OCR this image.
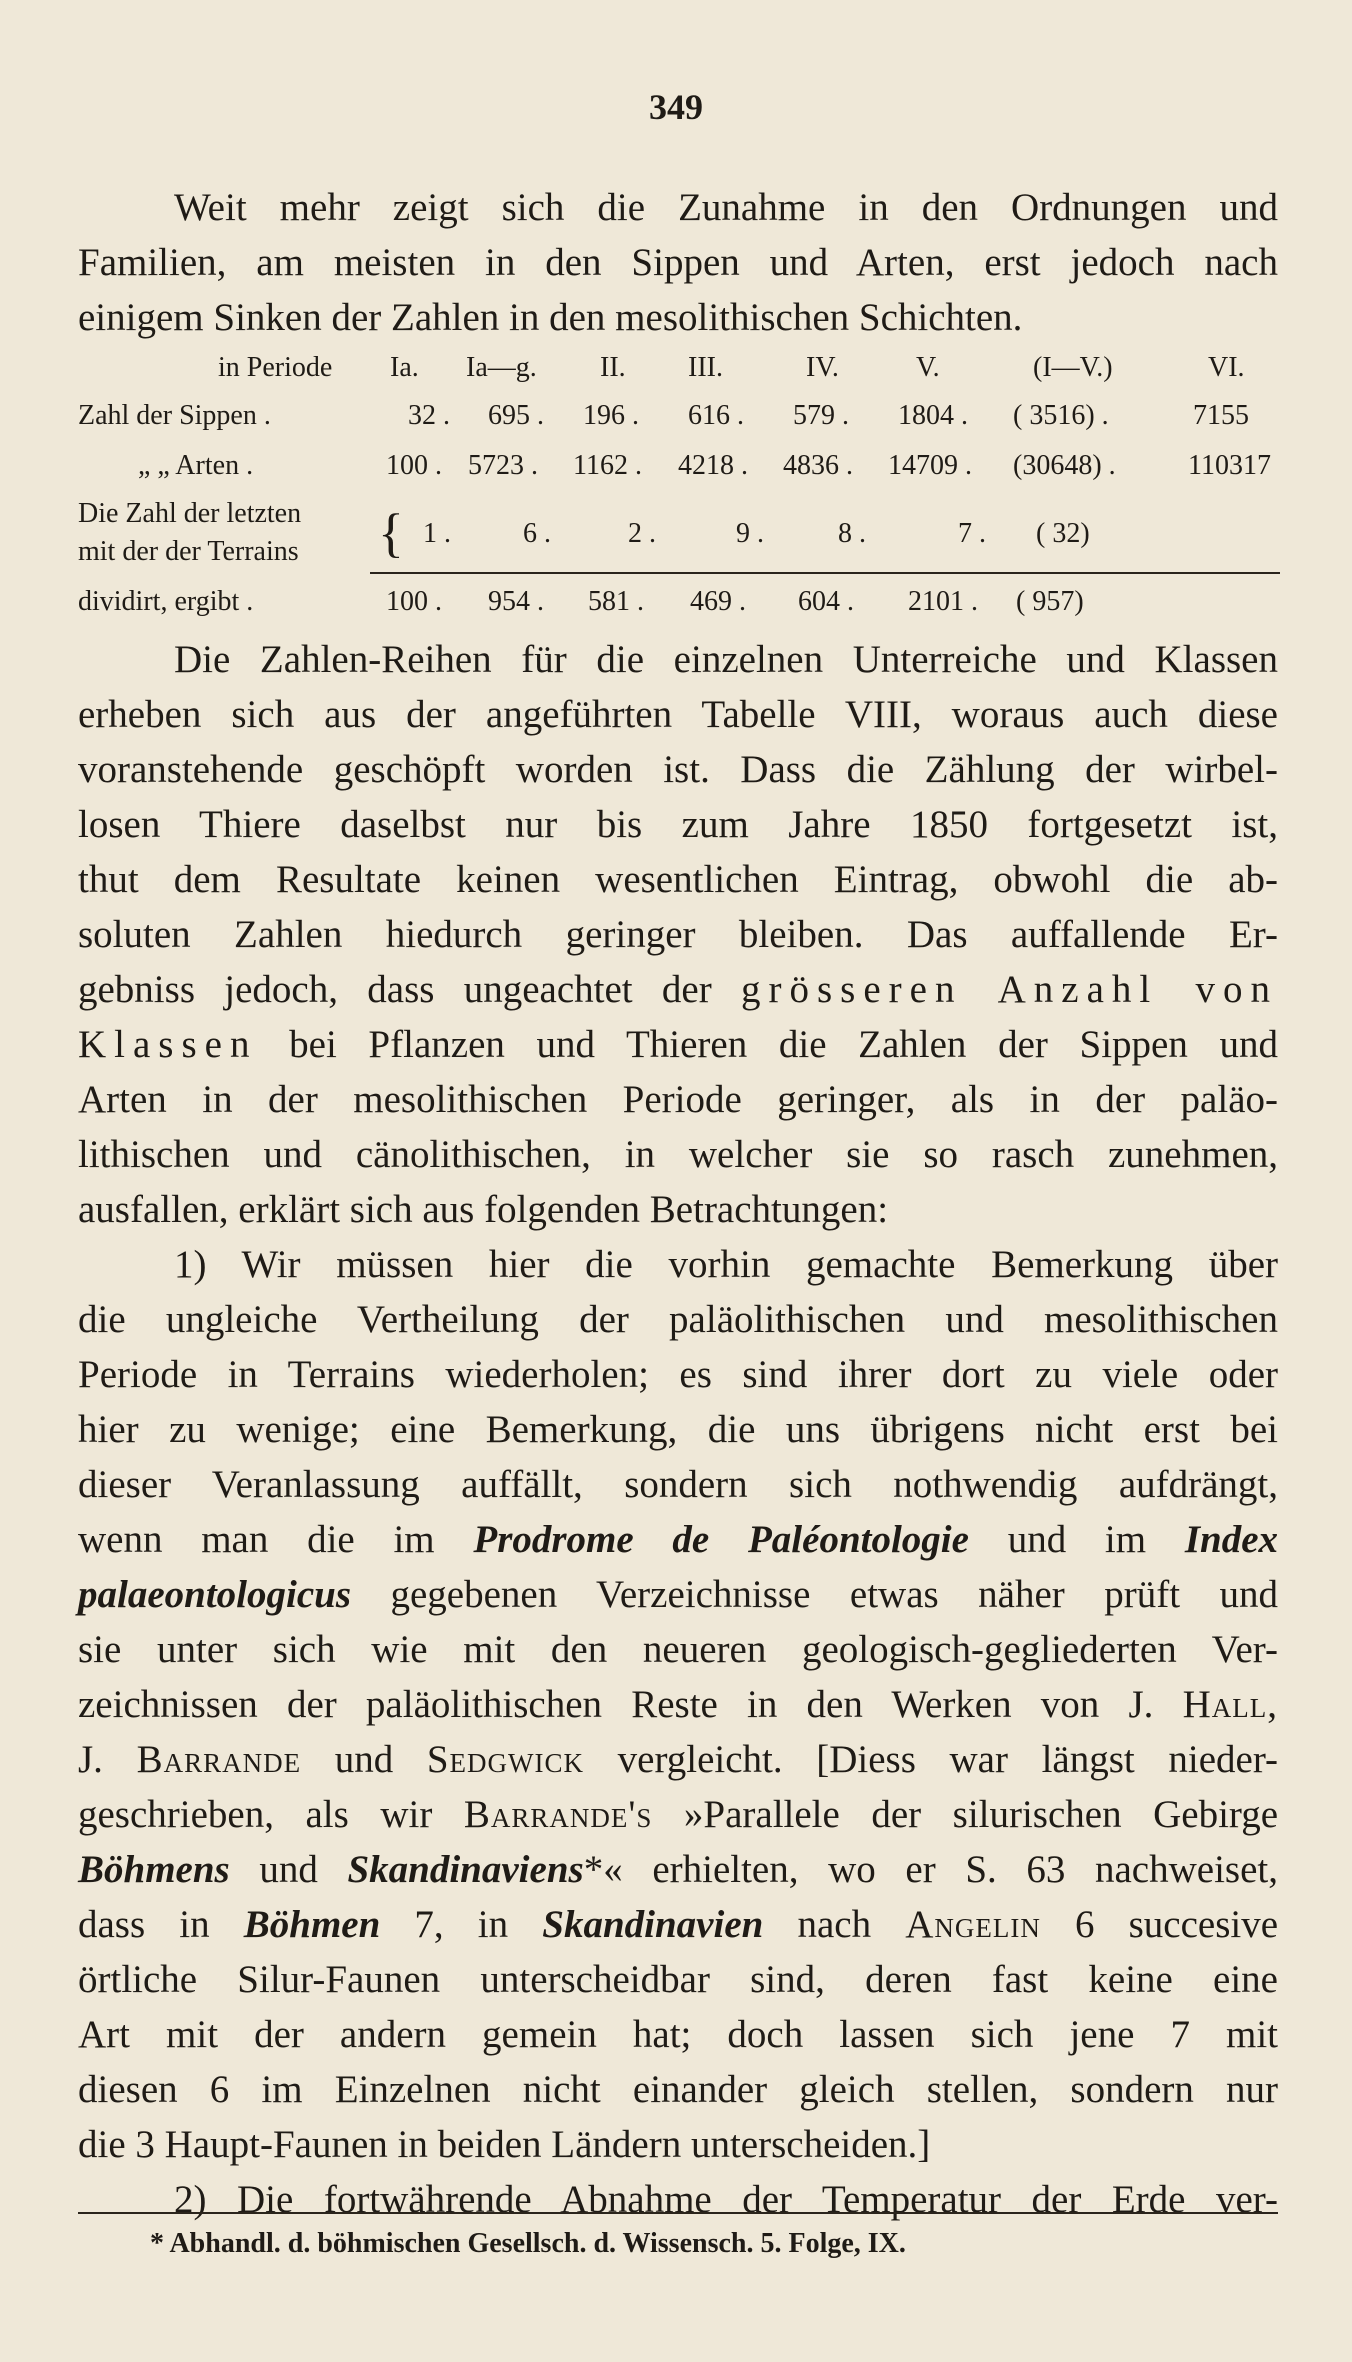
349
Weit mehr zeigt sich die Zunahme in den Ordnungen und
Familien, am meisten in den Sippen und Arten, erst jedoch nach
einigem Sinken der Zahlen in den mesolithischen Schichten.
in Periode Ia. Ia—g. II. III.	IV.	V.	(I—V.)	VI.
Zahl der Sippen .	32 . 695 . 196 . 616 . 579 . 1804 . ( 3516) .	7155
„ „ Arten .	100 . 5723 . 1162 . 4218 . 4836 . 14709 . (30648) .	110317
Die Zahl der letzten
mit der der Terrains { 1 .	6 .	2 .	9 .	8 .	7 . ( 32)
dividirt, ergibt .	100 . 954 . 581 . 469 . 604 . 2101 . ( 957)
Die Zahlen-Reihen für die einzelnen Unterreiche und Klassen
erheben sich aus der angeführten Tabelle VIII, woraus auch diese
voranstehende geschöpft worden ist. Dass die Zählung der wirbel-
losen Thiere daselbst nur bis zum Jahre 1850 fortgesetzt ist,
thut dem Resultate keinen wesentlichen Eintrag, obwohl die ab-
soluten Zahlen hiedurch geringer bleiben. Das auffallende Er-
gebniss jedoch, dass ungeachtet der grösseren Anzahl von
Klassen bei Pflanzen und Thieren die Zahlen der Sippen und
Arten in der mesolithischen Periode geringer, als in der paläo-
lithischen und cänolithischen, in welcher sie so rasch zunehmen,
ausfallen, erklärt sich aus folgenden Betrachtungen:
1) Wir müssen hier die vorhin gemachte Bemerkung über
die ungleiche Vertheilung der paläolithischen und mesolithischen
Periode in Terrains wiederholen; es sind ihrer dort zu viele oder
hier zu wenige; eine Bemerkung, die uns übrigens nicht erst bei
dieser Veranlassung auffällt, sondern sich nothwendig aufdrängt,
wenn man die im Prodrome de Paléontologie und im Index
palaeontologicus gegebenen Verzeichnisse etwas näher prüft und
sie unter sich wie mit den neueren geologisch-gegliederten Ver-
zeichnissen der paläolithischen Reste in den Werken von J. Hall,
J. Barrande und Sedgwick vergleicht. [Diess war längst nieder-
geschrieben, als wir Barrande's »Parallele der silurischen Gebirge
Böhmens und Skandinaviens*« erhielten, wo er S. 63 nachweiset,
dass in Böhmen 7, in Skandinavien nach Angelin 6 succesive
örtliche Silur-Faunen unterscheidbar sind, deren fast keine eine
Art mit der andern gemein hat; doch lassen sich jene 7 mit
diesen 6 im Einzelnen nicht einander gleich stellen, sondern nur
die 3 Haupt-Faunen in beiden Ländern unterscheiden.]
2) Die fortwährende Abnahme der Temperatur der Erde ver-
* Abhandl. d. böhmischen Gesellsch. d. Wissensch. 5. Folge, IX.
